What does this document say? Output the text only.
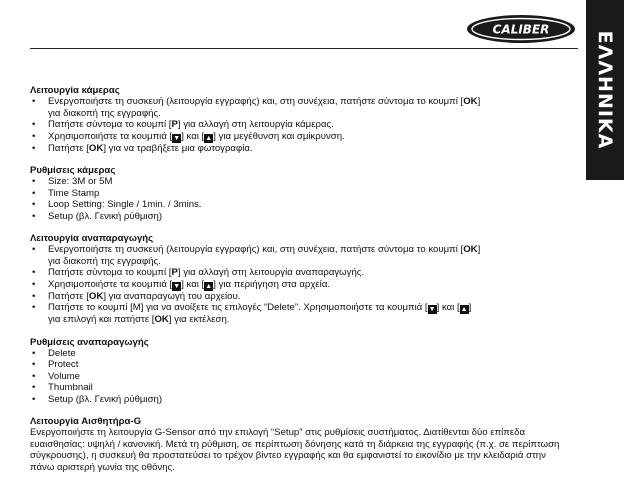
CALIBER
ΕΛΛΗΝΙΚΑ

Λειτουργία κάμερας

• Ενεργοποιήστε τη συσκευή (λειτουργία εγγραφής) και, στη συνέχεια, πατήστε σύντομα το κουμπί [OK]
για διακοπή της εγγραφής.
• Πατήστε σύντομα το κουμπί [P] για αλλαγή στη λειτουργία κάμερας.
• Χρησιμοποιήστε τα κουμπιά [▼] και [▲] για μεγέθυνση και σμίκρυνση.
• Πατήστε [OK] για να τραβήξετε μια φωτογραφία.

Ρυθμίσεις κάμερας

• Size: 3M or 5M
• Time Stamp
• Loop Setting: Single / 1min. / 3mins.
• Setup (βλ. Γενική ρύθμιση)

Λειτουργία αναπαραγωγής

• Ενεργοποιήστε τη συσκευή (λειτουργία εγγραφής) και, στη συνέχεια, πατήστε σύντομα το κουμπί [OK]
για διακοπή της εγγραφής.
• Πατήστε σύντομα το κουμπί [P] για αλλαγή στη λειτουργία αναπαραγωγής.
• Χρησιμοποιήστε τα κουμπιά [▼] και [▲] για περιήγηση στα αρχεία.
• Πατήστε [OK] για αναπαραγωγή του αρχείου.
• Πατήστε το κουμπί [M] για να ανοίξετε τις επιλογές “Delete”. Χρησιμοποιήστε τα κουμπιά [▼] και [▲]
για επιλογή και πατήστε [OK] για εκτέλεση.

Ρυθμίσεις αναπαραγωγής

• Delete
• Protect
• Volume
• Thumbnail
• Setup (βλ. Γενική ρύθμιση)

Λειτουργία Αισθητήρα-G

Ενεργοποιήστε τη λειτουργία G-Sensor από την επιλογή “Setup” στις ρυθμίσεις συστήματος. Διατίθενται δύο επίπεδα ευαισθησίας: υψηλή / κανονική. Μετά τη ρύθμιση, σε περίπτωση δόνησης κατά τη διάρκεια της εγγραφής (π.χ. σε περίπτωση σύγκρουσης), η συσκευή θα προστατεύσει το τρέχον βίντεο εγγραφής και θα εμφανιστεί το εικονίδιο με την κλειδαριά στην πάνω αριστερή γωνία της οθόνης.
